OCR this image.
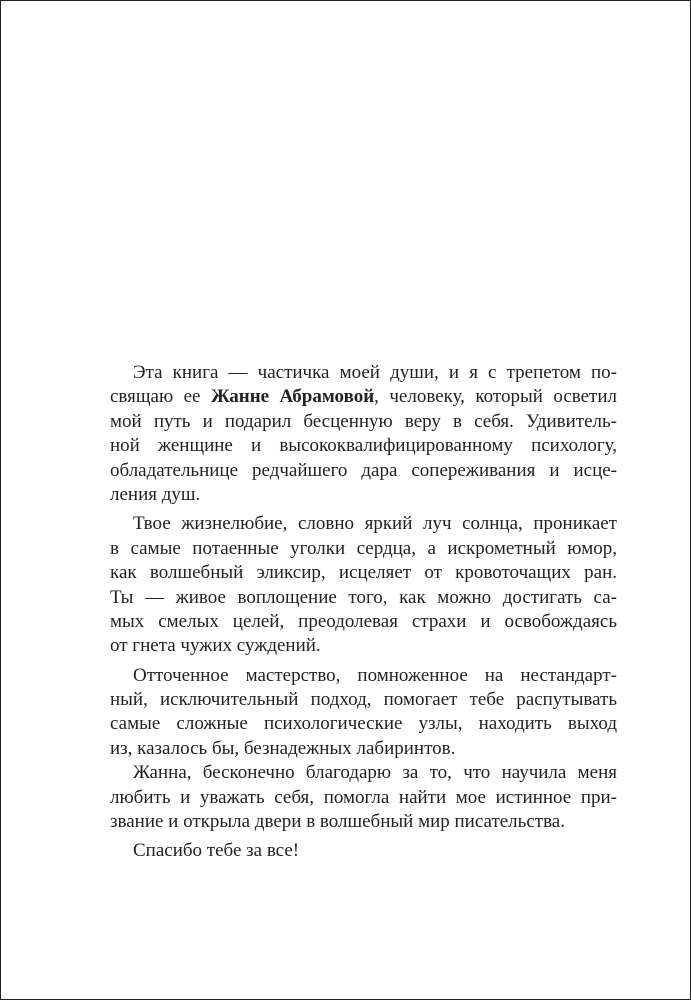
Эта книга — частичка моей души, и я с трепетом по-
свящаю ее Жанне Абрамовой, человеку, который осветил
мой путь и подарил бесценную веру в себя. Удивитель-
ной женщине и высококвалифицированному психологу,
обладательнице редчайшего дара сопереживания и исце-
ления душ.
Твое жизнелюбие, словно яркий луч солнца, проникает
в самые потаенные уголки сердца, а искрометный юмор,
как волшебный эликсир, исцеляет от кровоточащих ран.
Ты — живое воплощение того, как можно достигать са-
мых смелых целей, преодолевая страхи и освобождаясь
от гнета чужих суждений.
Отточенное мастерство, помноженное на нестандарт-
ный, исключительный подход, помогает тебе распутывать
самые сложные психологические узлы, находить выход
из, казалось бы, безнадежных лабиринтов.
Жанна, бесконечно благодарю за то, что научила меня
любить и уважать себя, помогла найти мое истинное при-
звание и открыла двери в волшебный мир писательства.
Спасибо тебе за все!
